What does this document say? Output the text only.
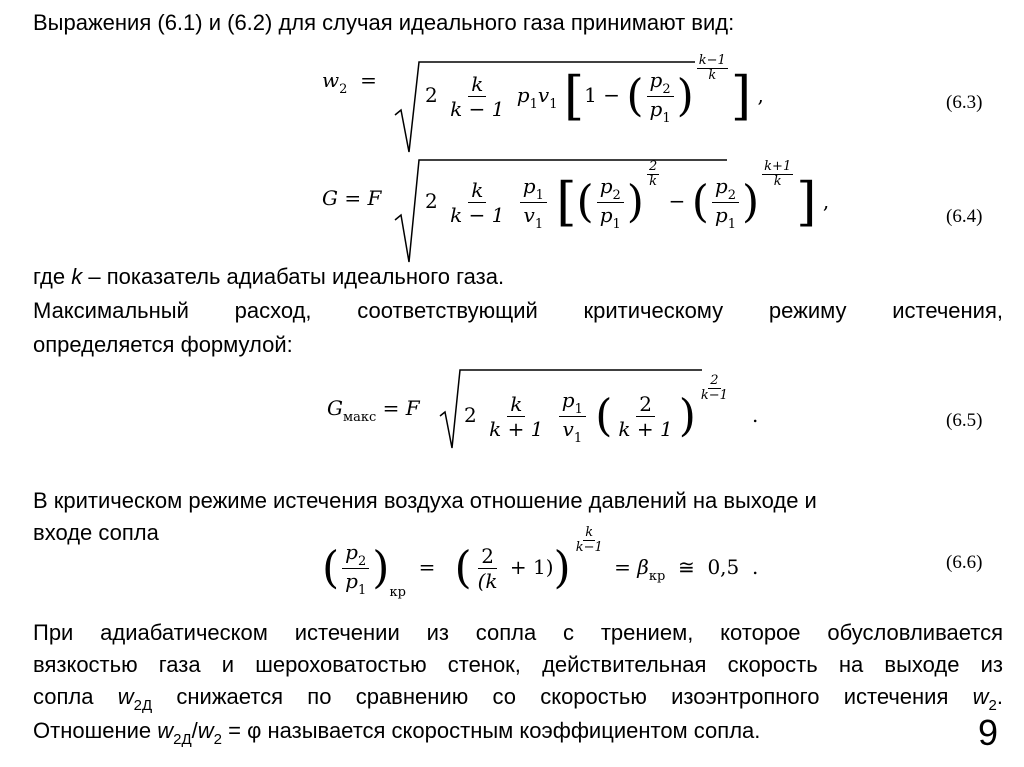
Выражения (6.1) и (6.2) для случая идеального газа принимают вид:
$w_2$  =
$2 \frac{k}{k - 1} p_1v_1$ [1 − ( $\frac{p_2}{p_1}$ )
$\frac{k-1}{k}$ ] ,	(6.3)
G = F $2 \frac{k}{k - 1}$
$\frac{p_1}{v_1}$ [( $\frac{p_2}{p_1}$ )
$\frac{2}{k}$
− ( $\frac{p_2}{p_1}$ )
$\frac{k+1}{k}$ ] ,
(6.4)
где k – показатель адиабаты идеального газа.
Максимальный расход, соответствующий критическому режиму истечения,
определяется формулой:
$G_{макс} = F$ $2 \frac{k}{k + 1}$
$\frac{p_1}{v_1}$ ( $\frac{2}{k + 1}$ )
$\frac{2}{k-1}$
.	(6.5)
В критическом режиме истечения воздуха отношение давлений на выходе и
входе сопла
( $\frac{p_2}{p_1} )_{кр}$  =   ( $\frac{2}{(k} + 1$))
$\frac{k}{k-1}$
= $\beta_{кр}$  ≅  0,5  .	(6.6)
При адиабатическом истечении из сопла с трением, которое обусловливается
вязкостью газа и шероховатостью стенок, действительная скорость на выходе из
сопла $w_{2Д}$ снижается по сравнению со скоростью изоэнтропного истечения $w_2$.
Отношение $w_{2Д}/w_2 = \varphi$ называется скоростным коэффициентом сопла.	9
